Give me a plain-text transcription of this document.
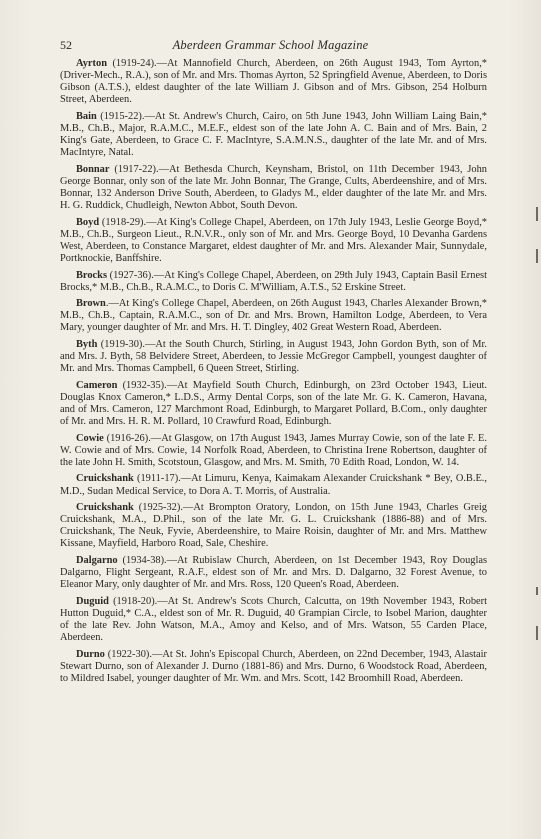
52	Aberdeen Grammar School Magazine

Ayrton (1919-24).—At Mannofield Church, Aberdeen, on 26th August 1943, Tom Ayrton,* (Driver-Mech., R.A.), son of Mr. and Mrs. Thomas Ayrton, 52 Springfield Avenue, Aberdeen, to Doris Gibson (A.T.S.), eldest daughter of the late William J. Gibson and of Mrs. Gibson, 254 Holburn Street, Aberdeen.

Bain (1915-22).—At St. Andrew's Church, Cairo, on 5th June 1943, John William Laing Bain,* M.B., Ch.B., Major, R.A.M.C., M.E.F., eldest son of the late John A. C. Bain and of Mrs. Bain, 2 King's Gate, Aberdeen, to Grace C. F. MacIntyre, S.A.M.N.S., daughter of the late Mr. and of Mrs. MacIntyre, Natal.

Bonnar (1917-22).—At Bethesda Church, Keynsham, Bristol, on 11th December 1943, John George Bonnar, only son of the late Mr. John Bonnar, The Grange, Cults, Aberdeenshire, and of Mrs. Bonnar, 132 Anderson Drive South, Aberdeen, to Gladys M., elder daughter of the late Mr. and Mrs. H. G. Ruddick, Chudleigh, Newton Abbot, South Devon.

Boyd (1918-29).—At King's College Chapel, Aberdeen, on 17th July 1943, Leslie George Boyd,* M.B., Ch.B., Surgeon Lieut., R.N.V.R., only son of Mr. and Mrs. George Boyd, 10 Devanha Gardens West, Aberdeen, to Constance Margaret, eldest daughter of Mr. and Mrs. Alexander Mair, Sunnydale, Portknockie, Banffshire.

Brocks (1927-36).—At King's College Chapel, Aberdeen, on 29th July 1943, Captain Basil Ernest Brocks,* M.B., Ch.B., R.A.M.C., to Doris C. M'William, A.T.S., 52 Erskine Street.

Brown.—At King's College Chapel, Aberdeen, on 26th August 1943, Charles Alexander Brown,* M.B., Ch.B., Captain, R.A.M.C., son of Dr. and Mrs. Brown, Hamilton Lodge, Aberdeen, to Vera Mary, younger daughter of Mr. and Mrs. H. T. Dingley, 402 Great Western Road, Aberdeen.

Byth (1919-30).—At the South Church, Stirling, in August 1943, John Gordon Byth, son of Mr. and Mrs. J. Byth, 58 Belvidere Street, Aberdeen, to Jessie McGregor Campbell, youngest daughter of Mr. and Mrs. Thomas Campbell, 6 Queen Street, Stirling.

Cameron (1932-35).—At Mayfield South Church, Edinburgh, on 23rd October 1943, Lieut. Douglas Knox Cameron,* L.D.S., Army Dental Corps, son of the late Mr. G. K. Cameron, Havana, and of Mrs. Cameron, 127 Marchmont Road, Edinburgh, to Margaret Pollard, B.Com., only daughter of Mr. and Mrs. H. R. M. Pollard, 10 Crawfurd Road, Edinburgh.

Cowie (1916-26).—At Glasgow, on 17th August 1943, James Murray Cowie, son of the late F. E. W. Cowie and of Mrs. Cowie, 14 Norfolk Road, Aberdeen, to Christina Irene Robertson, daughter of the late John H. Smith, Scotstoun, Glasgow, and Mrs. M. Smith, 70 Edith Road, London, W. 14.

Cruickshank (1911-17).—At Limuru, Kenya, Kaimakam Alexander Cruickshank * Bey, O.B.E., M.D., Sudan Medical Service, to Dora A. T. Morris, of Australia.

Cruickshank (1925-32).—At Brompton Oratory, London, on 15th June 1943, Charles Greig Cruickshank, M.A., D.Phil., son of the late Mr. G. L. Cruickshank (1886-88) and of Mrs. Cruickshank, The Neuk, Fyvie, Aberdeenshire, to Maire Roisin, daughter of Mr. and Mrs. Matthew Kissane, Mayfield, Harboro Road, Sale, Cheshire.

Dalgarno (1934-38).—At Rubislaw Church, Aberdeen, on 1st December 1943, Roy Douglas Dalgarno, Flight Sergeant, R.A.F., eldest son of Mr. and Mrs. D. Dalgarno, 32 Forest Avenue, to Eleanor Mary, only daughter of Mr. and Mrs. Ross, 120 Queen's Road, Aberdeen.

Duguid (1918-20).—At St. Andrew's Scots Church, Calcutta, on 19th November 1943, Robert Hutton Duguid,* C.A., eldest son of Mr. R. Duguid, 40 Grampian Circle, to Isobel Marion, daughter of the late Rev. John Watson, M.A., Amoy and Kelso, and of Mrs. Watson, 55 Carden Place, Aberdeen.

Durno (1922-30).—At St. John's Episcopal Church, Aberdeen, on 22nd December, 1943, Alastair Stewart Durno, son of Alexander J. Durno (1881-86) and Mrs. Durno, 6 Woodstock Road, Aberdeen, to Mildred Isabel, younger daughter of Mr. Wm. and Mrs. Scott, 142 Broomhill Road, Aberdeen.
